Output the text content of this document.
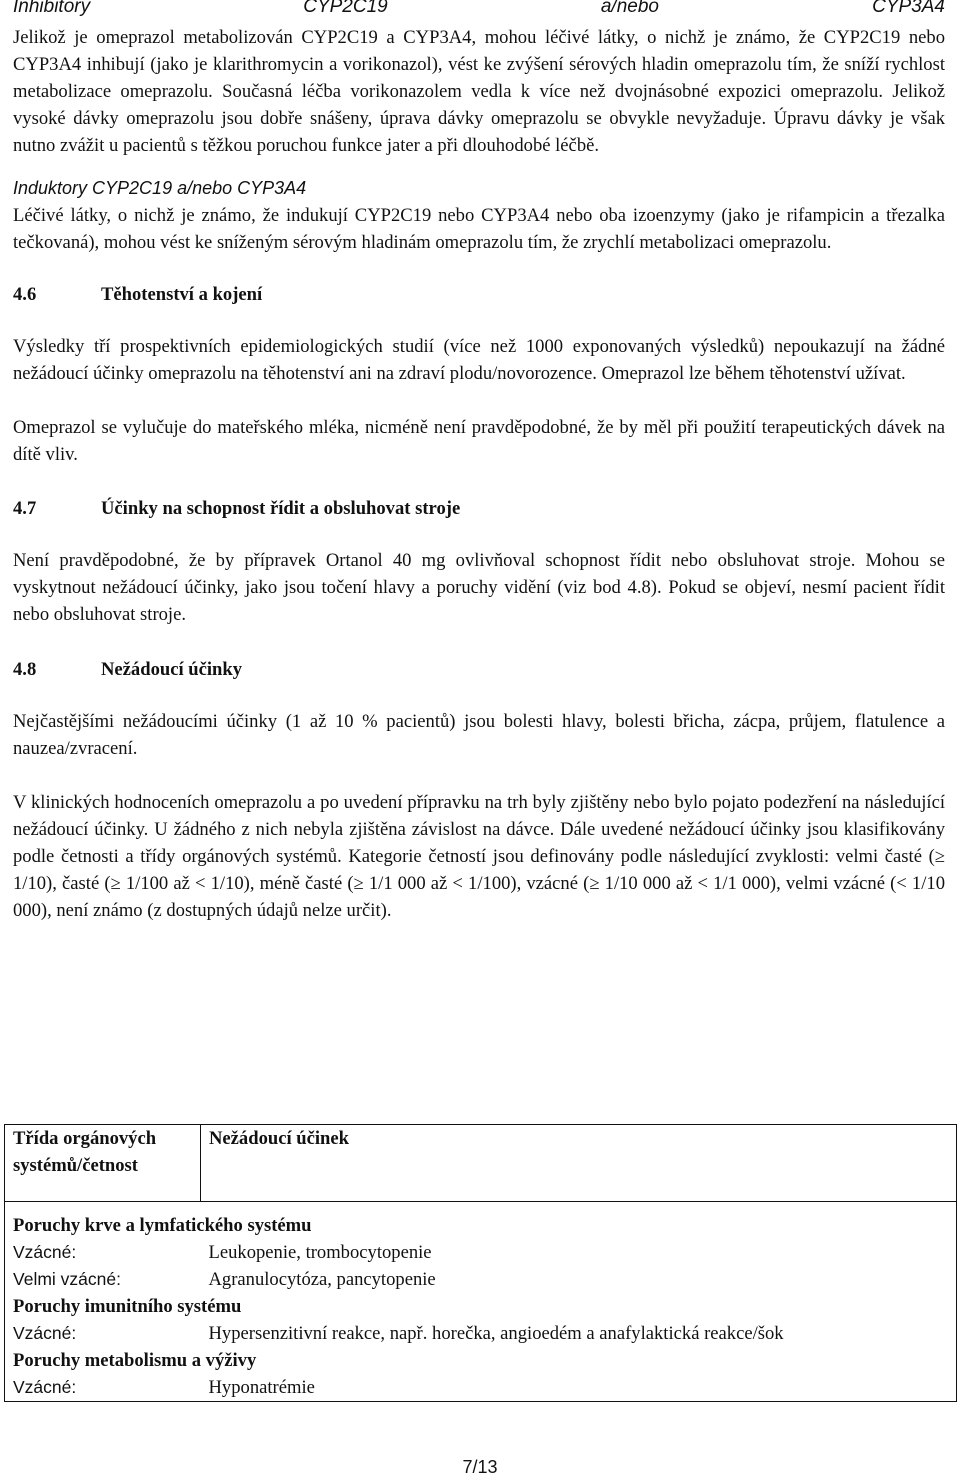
Inhibitory	CYP2C19	a/nebo	CYP3A4

Jelikož je omeprazol metabolizován CYP2C19 a CYP3A4, mohou léčivé látky, o nichž je známo, že CYP2C19 nebo CYP3A4 inhibují (jako je klarithromycin a vorikonazol), vést ke zvýšení sérových hladin omeprazolu tím, že sníží rychlost metabolizace omeprazolu. Současná léčba vorikonazolem vedla k více než dvojnásobné expozici omeprazolu. Jelikož vysoké dávky omeprazolu jsou dobře snášeny, úprava dávky omeprazolu se obvykle nevyžaduje. Úpravu dávky je však nutno zvážit u pacientů s těžkou poruchou funkce jater a při dlouhodobé léčbě.

Induktory CYP2C19 a/nebo CYP3A4

Léčivé látky, o nichž je známo, že indukují CYP2C19 nebo CYP3A4 nebo oba izoenzymy (jako je rifampicin a třezalka tečkovaná), mohou vést ke sníženým sérovým hladinám omeprazolu tím, že zrychlí metabolizaci omeprazolu.

4.6	Těhotenství a kojení

Výsledky tří prospektivních epidemiologických studií (více než 1000 exponovaných výsledků) nepoukazují na žádné nežádoucí účinky omeprazolu na těhotenství ani na zdraví plodu/novorozence. Omeprazol lze během těhotenství užívat.

Omeprazol se vylučuje do mateřského mléka, nicméně není pravděpodobné, že by měl při použití terapeutických dávek na dítě vliv.

4.7	Účinky na schopnost řídit a obsluhovat stroje

Není pravděpodobné, že by přípravek Ortanol 40 mg ovlivňoval schopnost řídit nebo obsluhovat stroje. Mohou se vyskytnout nežádoucí účinky, jako jsou točení hlavy a poruchy vidění (viz bod 4.8). Pokud se objeví, nesmí pacient řídit nebo obsluhovat stroje.

4.8	Nežádoucí účinky

Nejčastějšími nežádoucími účinky (1 až 10 % pacientů) jsou bolesti hlavy, bolesti břicha, zácpa, průjem, flatulence a nauzea/zvracení.

V klinických hodnoceních omeprazolu a po uvedení přípravku na trh byly zjištěny nebo bylo pojato podezření na následující nežádoucí účinky. U žádného z nich nebyla zjištěna závislost na dávce. Dále uvedené nežádoucí účinky jsou klasifikovány podle četnosti a třídy orgánových systémů. Kategorie četností jsou definovány podle následující zvyklosti: velmi časté (≥ 1/10), časté (≥ 1/100 až < 1/10), méně časté (≥ 1/1 000 až < 1/100), vzácné (≥ 1/10 000 až < 1/1 000), velmi vzácné (< 1/10 000), není známo (z dostupných údajů nelze určit).

Třída orgánových systémů/četnost	Nežádoucí účinek

Poruchy krve a lymfatického systému	
Vzácné:	Leukopenie, trombocytopenie
Velmi vzácné:	Agranulocytóza, pancytopenie
Poruchy imunitního systému	
Vzácné:	Hypersenzitivní reakce, např. horečka, angioedém a anafylaktická reakce/šok
Poruchy metabolismu a výživy	
Vzácné:	Hyponatrémie
7/13
